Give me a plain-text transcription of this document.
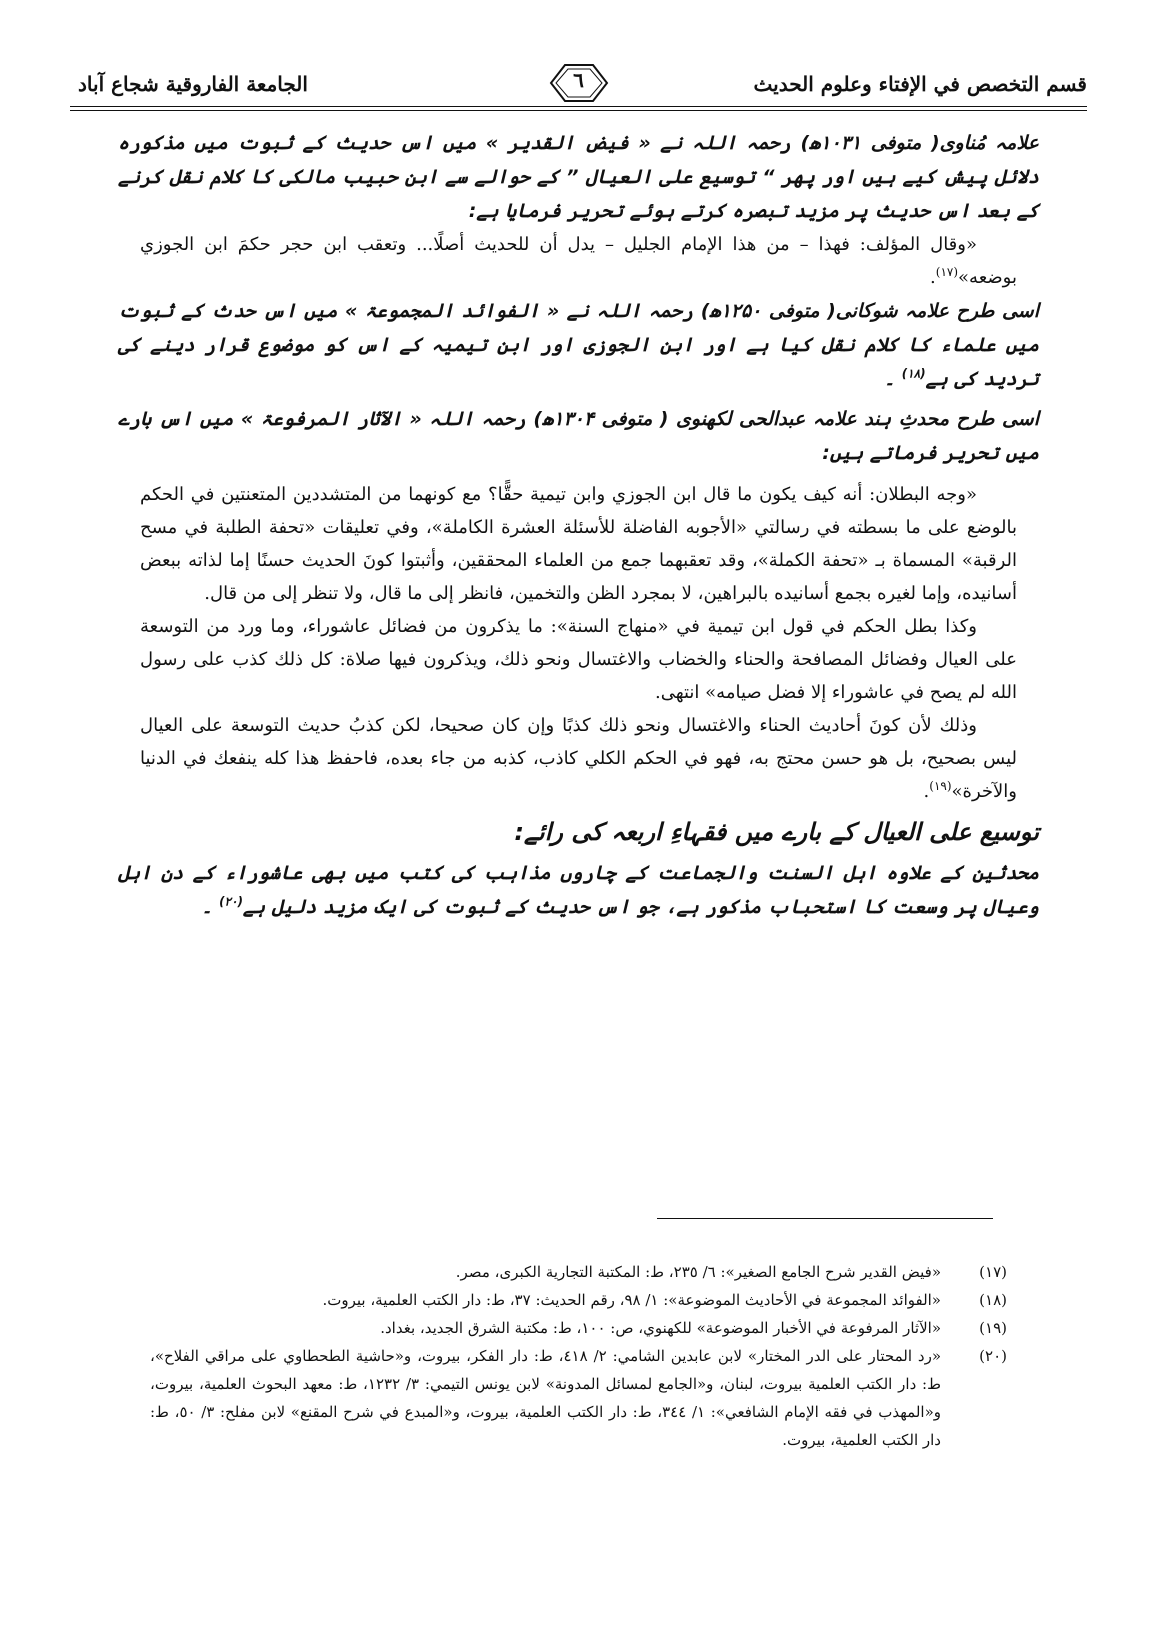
قسم التخصص في الإفتاء وعلوم الحديث
٦
الجامعة الفاروقية شجاع آباد

علامہ مُناوی( متوفی ۱۰۳۱ھ) رحمہ اللہ نے « فیض القدیر » میں اس حدیث کے ثبوت میں مذکورہ دلائل پیش کیے ہیں اور پھر “ توسیع علی العیال ” کے حوالے سے ابن حبیب مالکی کا کلام نقل کرنے کے بعد اس حدیث پر مزید تبصرہ کرتے ہوئے تحریر فرمایا ہے:

«وقال المؤلف: فهذا – من هذا الإمام الجليل – يدل أن للحديث أصلًا... وتعقب ابن حجر حكمَ ابن الجوزي بوضعه»$^{(١٧)}$.

اسی طرح علامہ شوکانی( متوفی ۱۲۵۰ھ) رحمہ اللہ نے « الفوائد المجموعۃ » میں اس حدث کے ثبوت میں علماء کا کلام نقل کیا ہے اور ابن الجوزی اور ابن تیمیہ کے اس کو موضوع قرار دینے کی تردید کی ہے$^{(١٨)}$ ۔

اسی طرح محدثِ ہند علامہ عبدالحی لکھنوی ( متوفی ۱۳۰۴ھ) رحمہ اللہ « الآثار المرفوعۃ » میں اس بارے میں تحریر فرماتے ہیں:

«وجه البطلان: أنه كيف يكون ما قال ابن الجوزي وابن تيمية حقًّا؟ مع كونهما من المتشددين المتعنتين في الحكم بالوضع على ما بسطته في رسالتي «الأجوبه الفاضلة للأسئلة العشرة الكاملة»، وفي تعليقات «تحفة الطلبة في مسح الرقبة» المسماة بـ «تحفة الكملة»، وقد تعقبهما جمع من العلماء المحققين، وأثبتوا كونَ الحديث حسنًا إما لذاته ببعض أسانيده، وإما لغيره بجمع أسانيده بالبراهين، لا بمجرد الظن والتخمين، فانظر إلى ما قال، ولا تنظر إلى من قال.

وكذا بطل الحكم في قول ابن تيمية في «منهاج السنة»: ما يذكرون من فضائل عاشوراء، وما ورد من التوسعة على العيال وفضائل المصافحة والحناء والخضاب والاغتسال ونحو ذلك، ويذكرون فيها صلاة: كل ذلك كذب على رسول الله لم يصح في عاشوراء إلا فضل صيامه» انتهى.

وذلك لأن كونَ أحاديث الحناء والاغتسال ونحو ذلك كذبًا وإن كان صحيحا، لكن كذبُ حديث التوسعة على العيال ليس بصحيح، بل هو حسن محتج به، فهو في الحكم الكلي كاذب، كذبه من جاء بعده، فاحفظ هذا كله ينفعك في الدنيا والآخرة»$^{(١٩)}$.

توسیع علی العیال کے بارے میں فقہاءِ اربعہ کی رائے:

محدثین کے علاوہ اہل السنت والجماعت کے چاروں مذاہب کی کتب میں بھی عاشوراء کے دن اہل وعیال پر وسعت کا استحباب مذکور ہے، جو اس حدیث کے ثبوت کی ایک مزید دلیل ہے$^{(٢٠)}$ ۔

(١٧)
«فيض القدير شرح الجامع الصغير»: ٦/ ٢٣٥، ط: المكتبة التجارية الكبرى، مصر.
(١٨)
«الفوائد المجموعة في الأحاديث الموضوعة»: ١/ ٩٨، رقم الحديث: ٣٧، ط: دار الكتب العلمية، بيروت.
(١٩)
«الآثار المرفوعة في الأخبار الموضوعة» للكهنوي، ص: ١٠٠، ط: مكتبة الشرق الجديد، بغداد.
(٢٠)
«رد المحتار على الدر المختار» لابن عابدين الشامي: ٢/ ٤١٨، ط: دار الفكر، بيروت، و«حاشية الطحطاوي على مراقي الفلاح»، ط: دار الكتب العلمية بيروت، لبنان، و«الجامع لمسائل المدونة» لابن يونس التيمي: ٣/ ١٢٣٢، ط: معهد البحوث العلمية، بيروت، و«المهذب في فقه الإمام الشافعي»: ١/ ٣٤٤، ط: دار الكتب العلمية، بيروت، و«المبدع في شرح المقنع» لابن مفلح: ٣/ ٥٠، ط: دار الكتب العلمية، بيروت.
